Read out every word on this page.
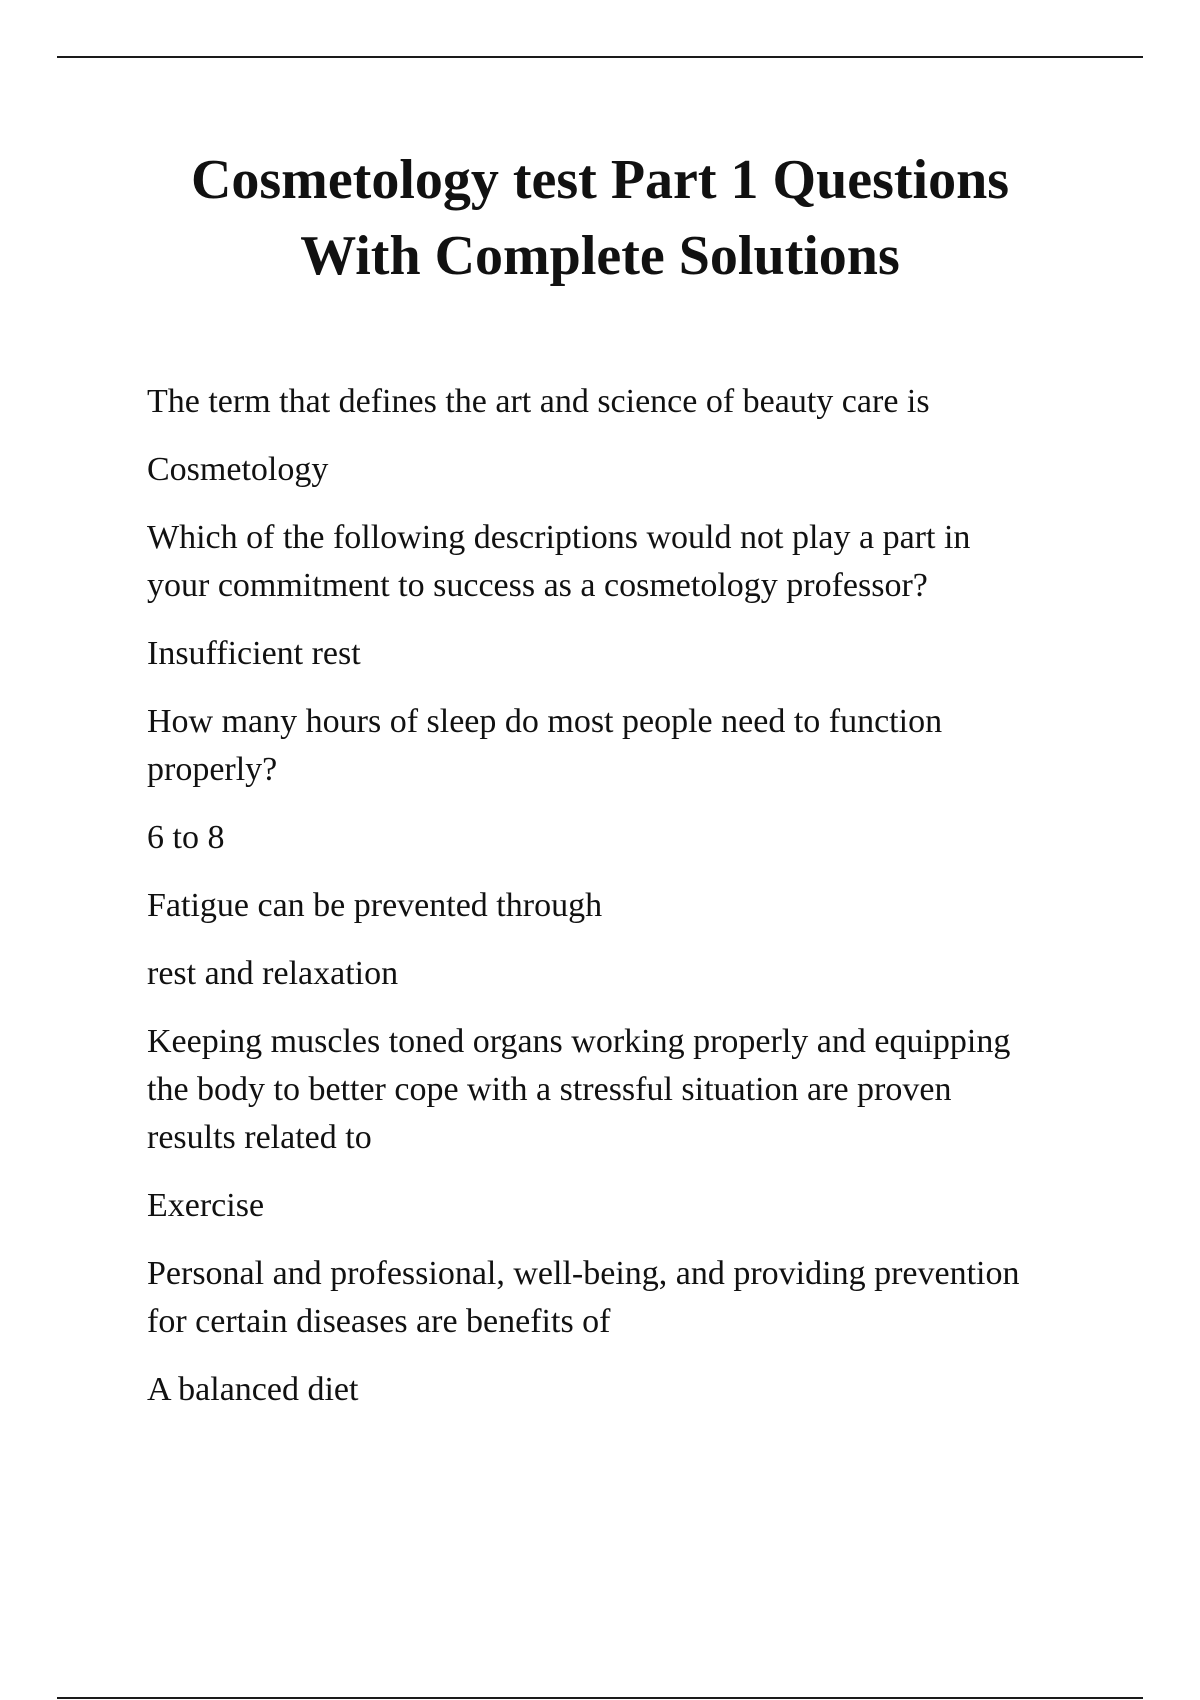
Cosmetology test Part 1 Questions
With Complete Solutions

The term that defines the art and science of beauty care is

Cosmetology

Which of the following descriptions would not play a part in
your commitment to success as a cosmetology professor?

Insufficient rest

How many hours of sleep do most people need to function
properly?

6 to 8

Fatigue can be prevented through

rest and relaxation

Keeping muscles toned organs working properly and equipping
the body to better cope with a stressful situation are proven
results related to

Exercise

Personal and professional, well-being, and providing prevention
for certain diseases are benefits of

A balanced diet
